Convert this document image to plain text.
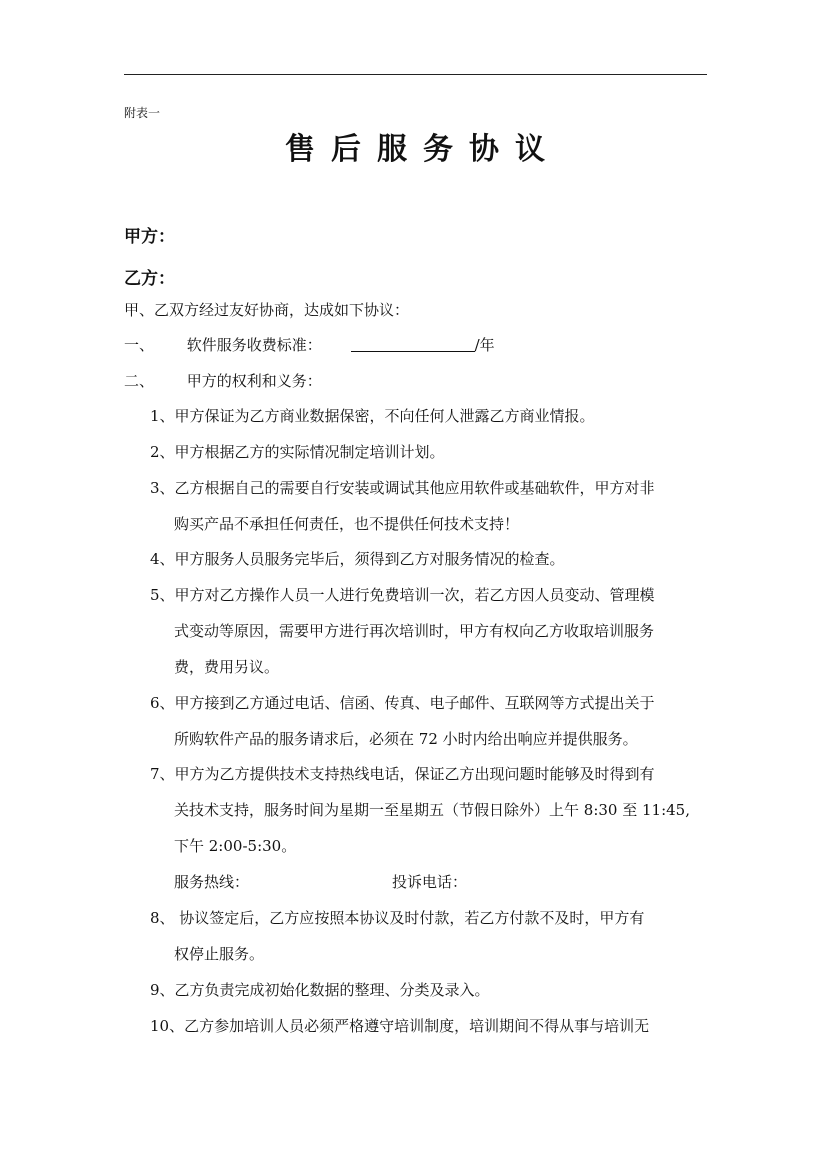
附表一
售后服务协议
甲方：
乙方：
甲、乙双方经过友好协商，达成如下协议：
一、 软件服务收费标准：	/年
二、 甲方的权利和义务：
1、甲方保证为乙方商业数据保密，不向任何人泄露乙方商业情报。
2、甲方根据乙方的实际情况制定培训计划。
3、乙方根据自己的需要自行安装或调试其他应用软件或基础软件，甲方对非
购买产品不承担任何责任，也不提供任何技术支持！
4、甲方服务人员服务完毕后，须得到乙方对服务情况的检查。
5、甲方对乙方操作人员一人进行免费培训一次，若乙方因人员变动、管理模
式变动等原因，需要甲方进行再次培训时，甲方有权向乙方收取培训服务
费，费用另议。
6、甲方接到乙方通过电话、信函、传真、电子邮件、互联网等方式提出关于
所购软件产品的服务请求后，必须在 72 小时内给出响应并提供服务。
7、甲方为乙方提供技术支持热线电话，保证乙方出现问题时能够及时得到有
关技术支持，服务时间为星期一至星期五（节假日除外）上午 8:30 至 11:45,
下午 2:00-5:30。
服务热线：	投诉电话：
8、 协议签定后，乙方应按照本协议及时付款，若乙方付款不及时，甲方有
权停止服务。
9、乙方负责完成初始化数据的整理、分类及录入。
10、乙方参加培训人员必须严格遵守培训制度，培训期间不得从事与培训无
